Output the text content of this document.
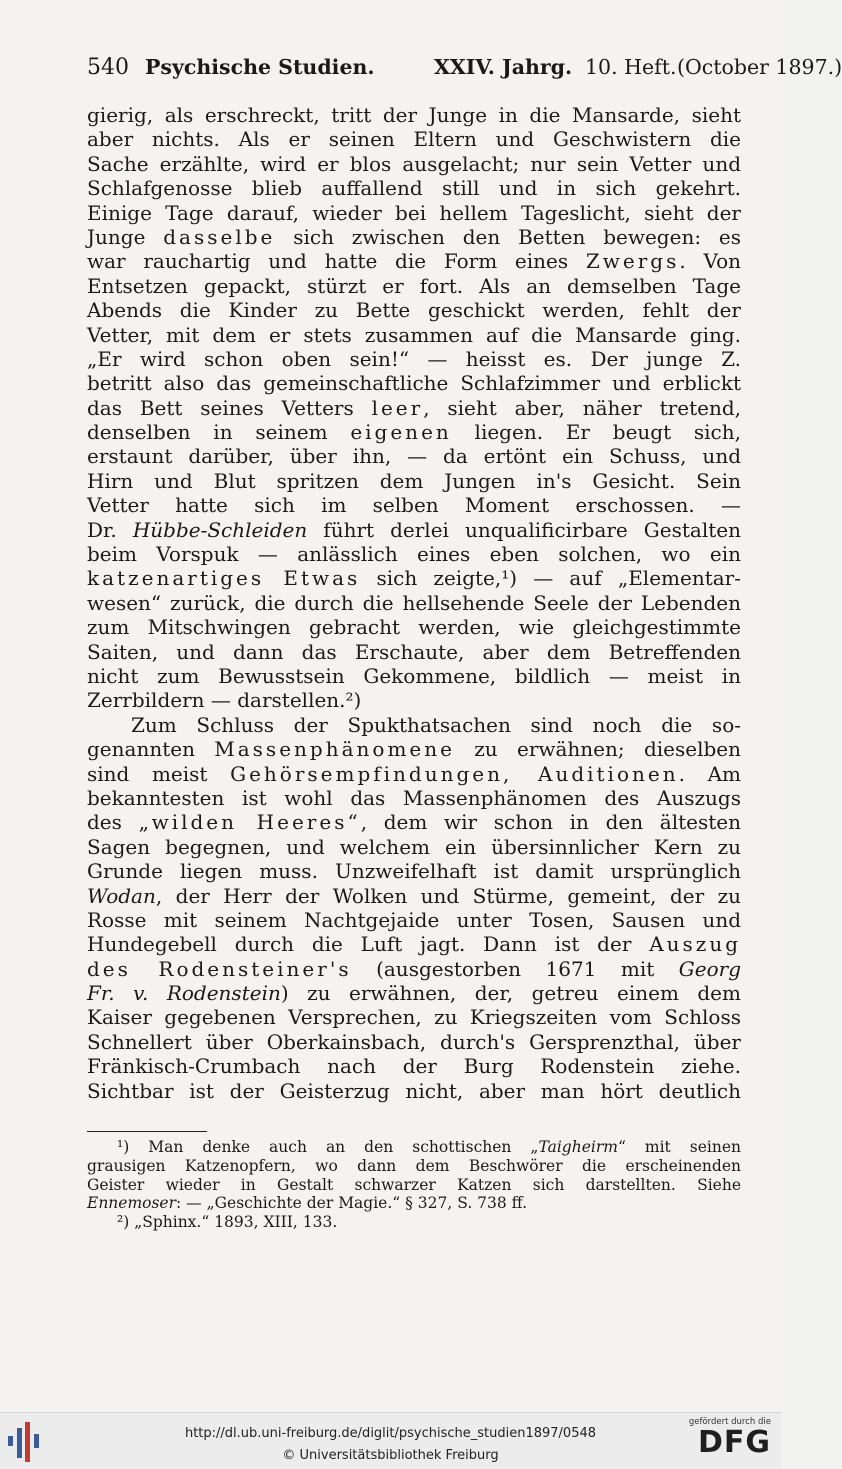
540 Psychische Studien.	XXIV. Jahrg. 10. Heft. (October 1897.)
gierig, als erschreckt, tritt der Junge in die Mansarde, sieht
aber nichts. Als er seinen Eltern und Geschwistern die
Sache erzählte, wird er blos ausgelacht; nur sein Vetter und
Schlafgenosse blieb auffallend still und in sich gekehrt.
Einige Tage darauf, wieder bei hellem Tageslicht, sieht der
Junge dasselbe sich zwischen den Betten bewegen: es
war rauchartig und hatte die Form eines Zwergs. Von
Entsetzen gepackt, stürzt er fort. Als an demselben Tage
Abends die Kinder zu Bette geschickt werden, fehlt der
Vetter, mit dem er stets zusammen auf die Mansarde ging.
„Er wird schon oben sein!“ — heisst es. Der junge Z.
betritt also das gemeinschaftliche Schlafzimmer und erblickt
das Bett seines Vetters leer, sieht aber, näher tretend,
denselben in seinem eigenen liegen. Er beugt sich,
erstaunt darüber, über ihn, — da ertönt ein Schuss, und
Hirn und Blut spritzen dem Jungen in's Gesicht. Sein
Vetter hatte sich im selben Moment erschossen. —
Dr. Hübbe-Schleiden führt derlei unqualificirbare Gestalten
beim Vorspuk — anlässlich eines eben solchen, wo ein
katzenartiges Etwas sich zeigte,¹) — auf „Elementar-
wesen“ zurück, die durch die hellsehende Seele der Lebenden
zum Mitschwingen gebracht werden, wie gleichgestimmte
Saiten, und dann das Erschaute, aber dem Betreffenden
nicht zum Bewusstsein Gekommene, bildlich — meist in
Zerrbildern — darstellen.²)
Zum Schluss der Spukthatsachen sind noch die so-
genannten Massenphänomene zu erwähnen; dieselben
sind meist Gehörsempfindungen, Auditionen. Am
bekanntesten ist wohl das Massenphänomen des Auszugs
des „wilden Heeres“, dem wir schon in den ältesten
Sagen begegnen, und welchem ein übersinnlicher Kern zu
Grunde liegen muss. Unzweifelhaft ist damit ursprünglich
Wodan, der Herr der Wolken und Stürme, gemeint, der zu
Rosse mit seinem Nachtgejaide unter Tosen, Sausen und
Hundegebell durch die Luft jagt. Dann ist der Auszug
des Rodensteiner's (ausgestorben 1671 mit Georg
Fr. v. Rodenstein) zu erwähnen, der, getreu einem dem
Kaiser gegebenen Versprechen, zu Kriegszeiten vom Schloss
Schnellert über Oberkainsbach, durch's Gersprenzthal, über
Fränkisch-Crumbach nach der Burg Rodenstein ziehe.
Sichtbar ist der Geisterzug nicht, aber man hört deutlich
¹) Man denke auch an den schottischen „Taigheirm“ mit seinen
grausigen Katzenopfern, wo dann dem Beschwörer die erscheinenden
Geister wieder in Gestalt schwarzer Katzen sich darstellten. Siehe
Ennemoser: — „Geschichte der Magie.“ § 327, S. 738 ff.
²) „Sphinx.“ 1893, XIII, 133.
http://dl.ub.uni-freiburg.de/diglit/psychische_studien1897/0548
© Universitätsbibliothek Freiburg
gefördert durch die
DFG
